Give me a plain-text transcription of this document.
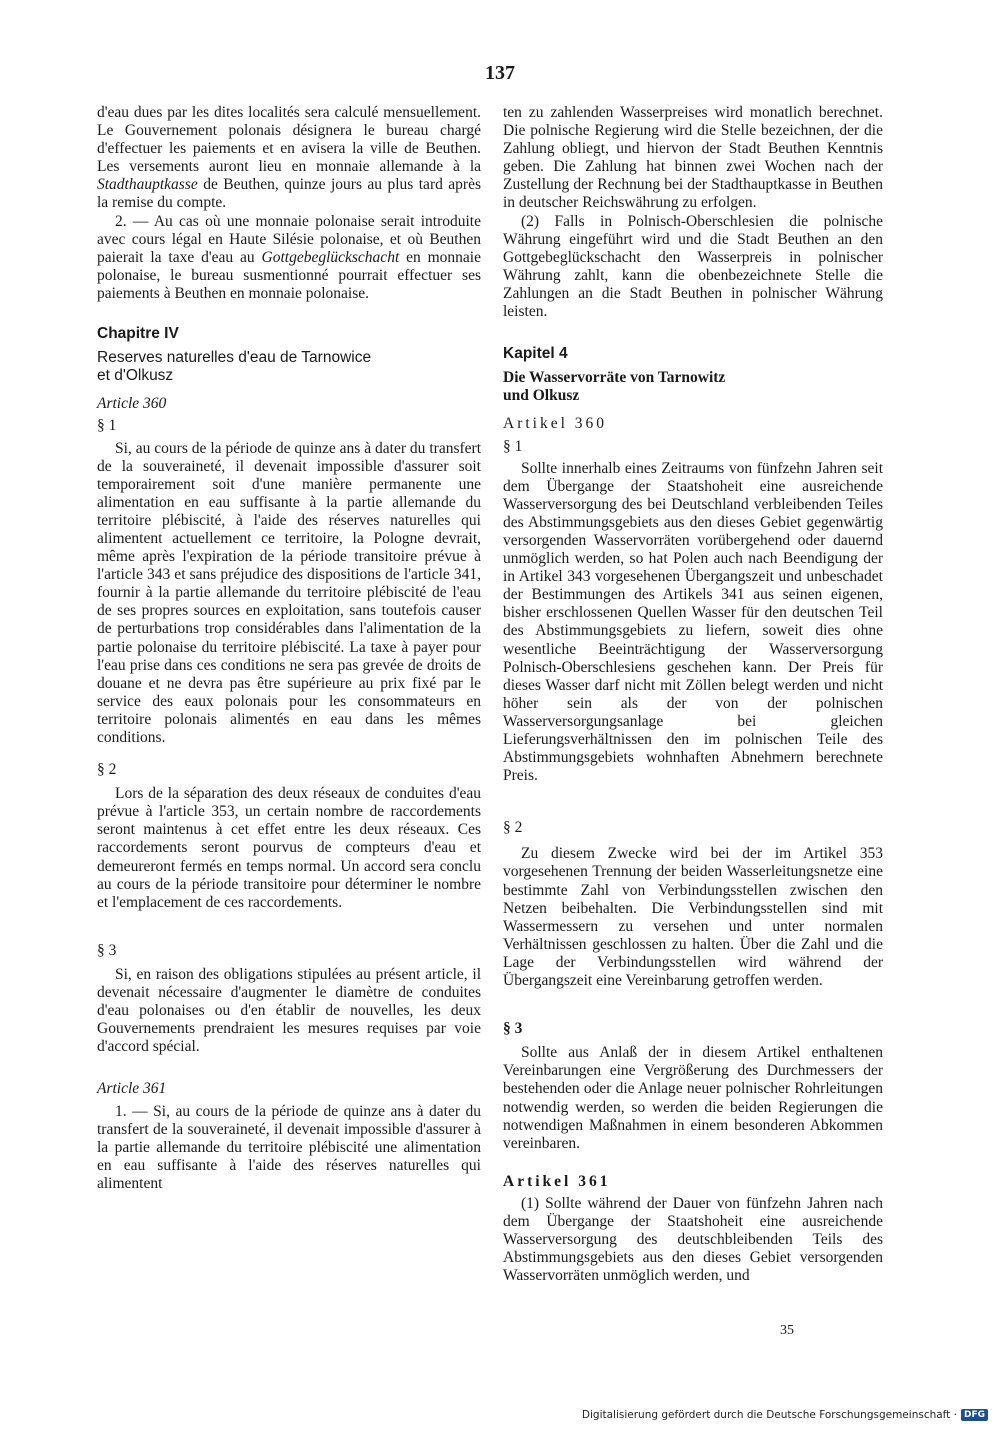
137

d'eau dues par les dites localités sera calculé mensuellement. Le Gouvernement polonais désignera le bureau chargé d'effectuer les paiements et en avisera la ville de Beuthen. Les versements auront lieu en monnaie allemande à la Stadthauptkasse de Beuthen, quinze jours au plus tard après la remise du compte.

2. — Au cas où une monnaie polonaise serait introduite avec cours légal en Haute Silésie polonaise, et où Beuthen paierait la taxe d'eau au Gottgebeglückschacht en monnaie polonaise, le bureau susmentionné pourrait effectuer ses paiements à Beuthen en monnaie polonaise.

Chapitre IV

Reserves naturelles d'eau de Tarnowice

et d'Olkusz

Article 360

§ 1

Si, au cours de la période de quinze ans à dater du transfert de la souveraineté, il devenait impossible d'assurer soit temporairement soit d'une manière permanente une alimentation en eau suffisante à la partie allemande du territoire plébiscité, à l'aide des réserves naturelles qui alimentent actuellement ce territoire, la Pologne devrait, même après l'expiration de la période transitoire prévue à l'article 343 et sans préjudice des dispositions de l'article 341, fournir à la partie allemande du territoire plébiscité de l'eau de ses propres sources en exploitation, sans toutefois causer de perturbations trop considérables dans l'alimentation de la partie polonaise du territoire plébiscité. La taxe à payer pour l'eau prise dans ces conditions ne sera pas grevée de droits de douane et ne devra pas être supérieure au prix fixé par le service des eaux polonais pour les consommateurs en territoire polonais alimentés en eau dans les mêmes conditions.

§ 2

Lors de la séparation des deux réseaux de conduites d'eau prévue à l'article 353, un certain nombre de raccordements seront maintenus à cet effet entre les deux réseaux. Ces raccordements seront pourvus de compteurs d'eau et demeureront fermés en temps normal. Un accord sera conclu au cours de la période transitoire pour déterminer le nombre et l'emplacement de ces raccordements.

§ 3

Si, en raison des obligations stipulées au présent article, il devenait nécessaire d'augmenter le diamètre de conduites d'eau polonaises ou d'en établir de nouvelles, les deux Gouvernements prendraient les mesures requises par voie d'accord spécial.

Article 361

1. — Si, au cours de la période de quinze ans à dater du transfert de la souveraineté, il devenait impossible d'assurer à la partie allemande du territoire plébiscité une alimentation en eau suffisante à l'aide des réserves naturelles qui alimentent

ten zu zahlenden Wasserpreises wird monatlich berechnet. Die polnische Regierung wird die Stelle bezeichnen, der die Zahlung obliegt, und hiervon der Stadt Beuthen Kenntnis geben. Die Zahlung hat binnen zwei Wochen nach der Zustellung der Rechnung bei der Stadthauptkasse in Beuthen in deutscher Reichswährung zu erfolgen.

(2) Falls in Polnisch-Oberschlesien die polnische Währung eingeführt wird und die Stadt Beuthen an den Gottgebeglückschacht den Wasserpreis in polnischer Währung zahlt, kann die obenbezeichnete Stelle die Zahlungen an die Stadt Beuthen in polnischer Währung leisten.

Kapitel 4

Die Wasservorräte von Tarnowitz

und Olkusz

Artikel 360

§ 1

Sollte innerhalb eines Zeitraums von fünfzehn Jahren seit dem Übergange der Staatshoheit eine ausreichende Wasserversorgung des bei Deutschland verbleibenden Teiles des Abstimmungsgebiets aus den dieses Gebiet gegenwärtig versorgenden Wasservorräten vorübergehend oder dauernd unmöglich werden, so hat Polen auch nach Beendigung der in Artikel 343 vorgesehenen Übergangszeit und unbeschadet der Bestimmungen des Artikels 341 aus seinen eigenen, bisher erschlossenen Quellen Wasser für den deutschen Teil des Abstimmungsgebiets zu liefern, soweit dies ohne wesentliche Beeinträchtigung der Wasserversorgung Polnisch-Oberschlesiens geschehen kann. Der Preis für dieses Wasser darf nicht mit Zöllen belegt werden und nicht höher sein als der von der polnischen Wasserversorgungsanlage bei gleichen Lieferungsverhältnissen den im polnischen Teile des Abstimmungsgebiets wohnhaften Abnehmern berechnete Preis.

§ 2

Zu diesem Zwecke wird bei der im Artikel 353 vorgesehenen Trennung der beiden Wasserleitungsnetze eine bestimmte Zahl von Verbindungsstellen zwischen den Netzen beibehalten. Die Verbindungsstellen sind mit Wassermessern zu versehen und unter normalen Verhältnissen geschlossen zu halten. Über die Zahl und die Lage der Verbindungsstellen wird während der Übergangszeit eine Vereinbarung getroffen werden.

§ 3

Sollte aus Anlaß der in diesem Artikel enthaltenen Vereinbarungen eine Vergrößerung des Durchmessers der bestehenden oder die Anlage neuer polnischer Rohrleitungen notwendig werden, so werden die beiden Regierungen die notwendigen Maßnahmen in einem besonderen Abkommen vereinbaren.

Artikel 361

(1) Sollte während der Dauer von fünfzehn Jahren nach dem Übergange der Staatshoheit eine ausreichende Wasserversorgung des deutschbleibenden Teils des Abstimmungsgebiets aus den dieses Gebiet versorgenden Wasservorräten unmöglich werden, und

35
Digitalisierung gefördert durch die Deutsche Forschungsgemeinschaft · DFG
